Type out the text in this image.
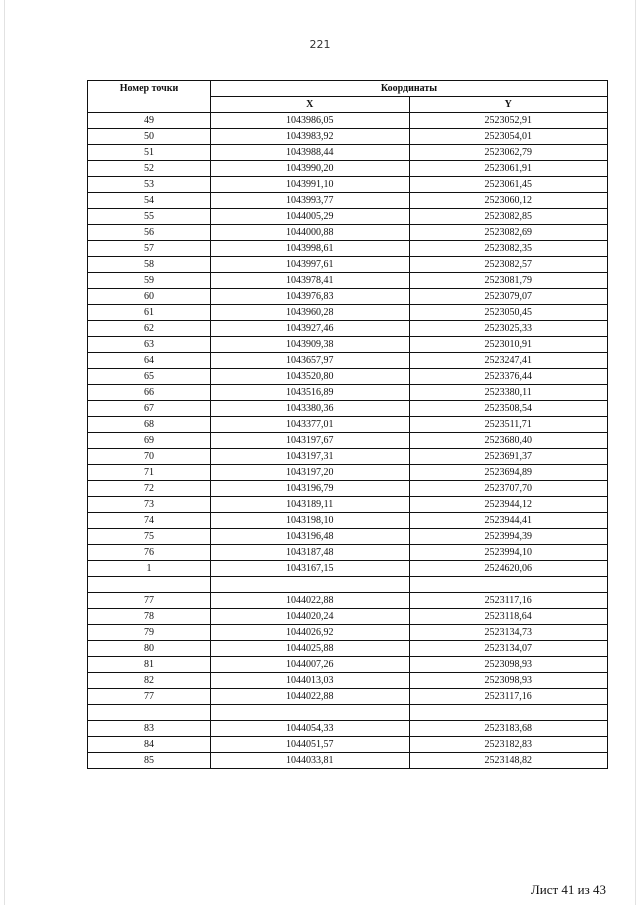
221
Номер точки	Координаты	
	X	Y
49	1043986,05	2523052,91
50	1043983,92	2523054,01
51	1043988,44	2523062,79
52	1043990,20	2523061,91
53	1043991,10	2523061,45
54	1043993,77	2523060,12
55	1044005,29	2523082,85
56	1044000,88	2523082,69
57	1043998,61	2523082,35
58	1043997,61	2523082,57
59	1043978,41	2523081,79
60	1043976,83	2523079,07
61	1043960,28	2523050,45
62	1043927,46	2523025,33
63	1043909,38	2523010,91
64	1043657,97	2523247,41
65	1043520,80	2523376,44
66	1043516,89	2523380,11
67	1043380,36	2523508,54
68	1043377,01	2523511,71
69	1043197,67	2523680,40
70	1043197,31	2523691,37
71	1043197,20	2523694,89
72	1043196,79	2523707,70
73	1043189,11	2523944,12
74	1043198,10	2523944,41
75	1043196,48	2523994,39
76	1043187,48	2523994,10
1	1043167,15	2524620,06

77	1044022,88	2523117,16
78	1044020,24	2523118,64
79	1044026,92	2523134,73
80	1044025,88	2523134,07
81	1044007,26	2523098,93
82	1044013,03	2523098,93
77	1044022,88	2523117,16

83	1044054,33	2523183,68
84	1044051,57	2523182,83
85	1044033,81	2523148,82
Лист 41 из 43
